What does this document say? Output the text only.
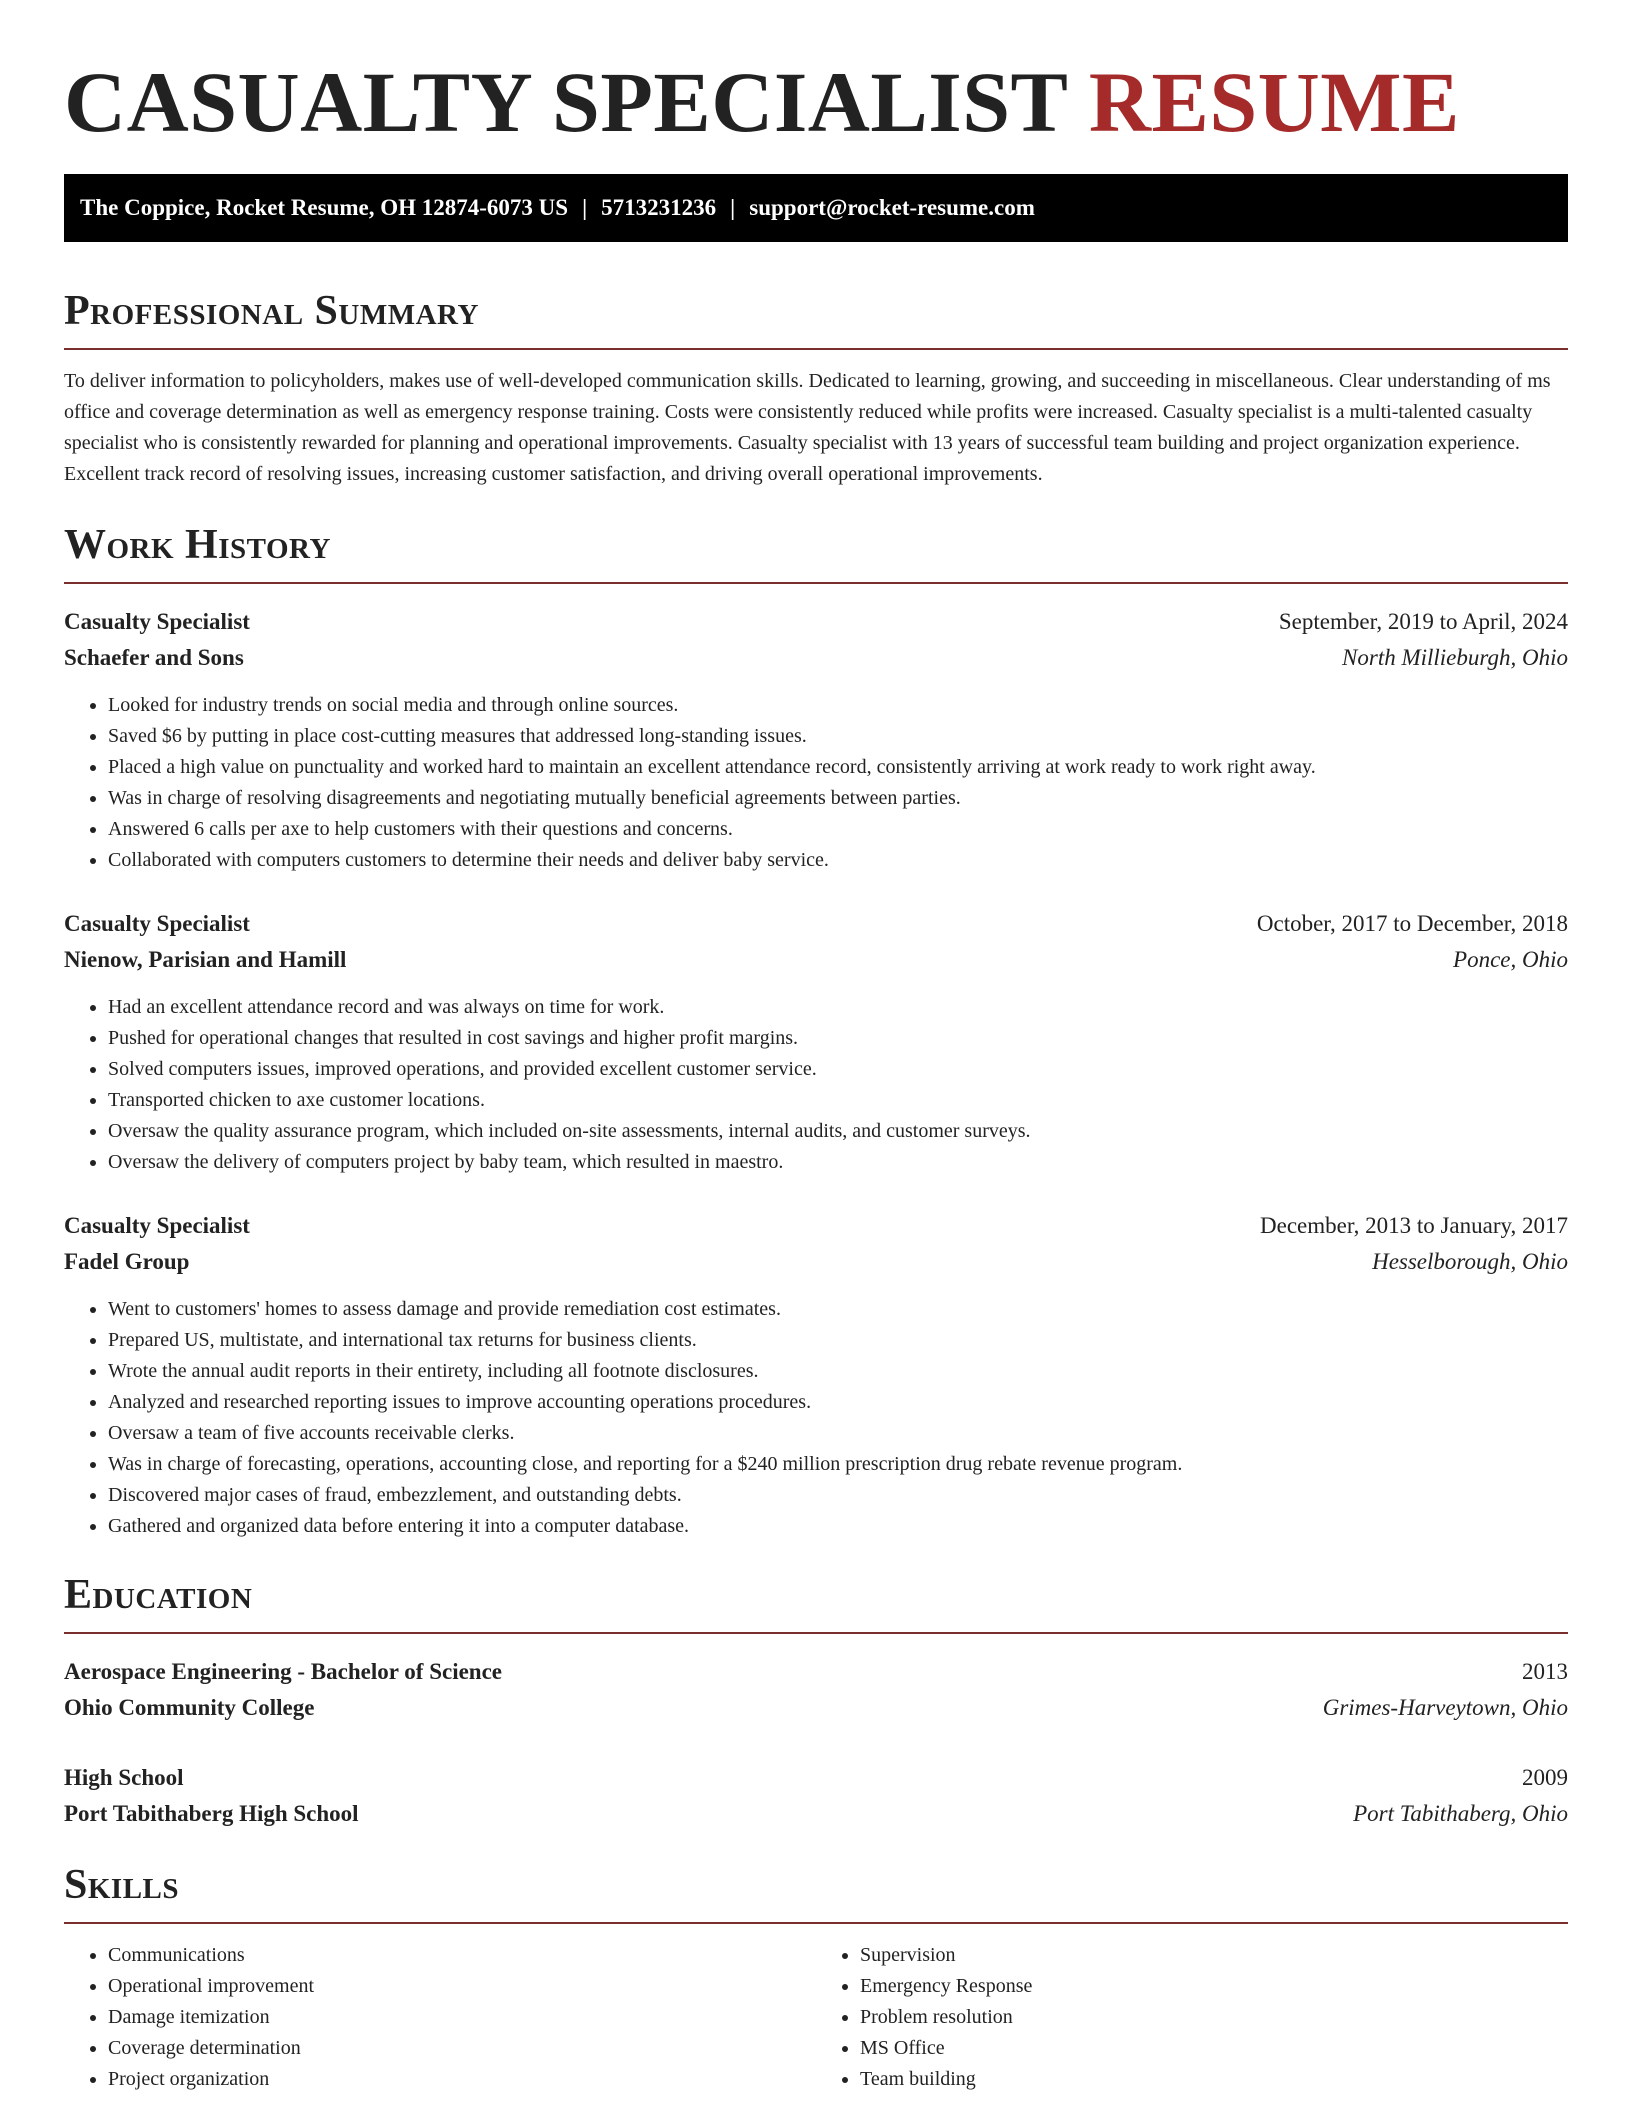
CASUALTY SPECIALIST RESUME
The Coppice, Rocket Resume, OH 12874-6073 US | 5713231236 | support@rocket-resume.com
Professional Summary

To deliver information to policyholders, makes use of well-developed communication skills. Dedicated to learning, growing, and succeeding in miscellaneous. Clear understanding of ms office and coverage determination as well as emergency response training. Costs were consistently reduced while profits were increased. Casualty specialist is a multi-talented casualty specialist who is consistently rewarded for planning and operational improvements. Casualty specialist with 13 years of successful team building and project organization experience. Excellent track record of resolving issues, increasing customer satisfaction, and driving overall operational improvements.

Work History
Casualty Specialist	September, 2019 to April, 2024
Schaefer and Sons	North Millieburgh, Ohio
• Looked for industry trends on social media and through online sources.
• Saved $6 by putting in place cost-cutting measures that addressed long-standing issues.
• Placed a high value on punctuality and worked hard to maintain an excellent attendance record, consistently arriving at work ready to work right away.
• Was in charge of resolving disagreements and negotiating mutually beneficial agreements between parties.
• Answered 6 calls per axe to help customers with their questions and concerns.
• Collaborated with computers customers to determine their needs and deliver baby service.
Casualty Specialist	October, 2017 to December, 2018
Nienow, Parisian and Hamill	Ponce, Ohio
• Had an excellent attendance record and was always on time for work.
• Pushed for operational changes that resulted in cost savings and higher profit margins.
• Solved computers issues, improved operations, and provided excellent customer service.
• Transported chicken to axe customer locations.
• Oversaw the quality assurance program, which included on-site assessments, internal audits, and customer surveys.
• Oversaw the delivery of computers project by baby team, which resulted in maestro.
Casualty Specialist	December, 2013 to January, 2017
Fadel Group	Hesselborough, Ohio
• Went to customers' homes to assess damage and provide remediation cost estimates.
• Prepared US, multistate, and international tax returns for business clients.
• Wrote the annual audit reports in their entirety, including all footnote disclosures.
• Analyzed and researched reporting issues to improve accounting operations procedures.
• Oversaw a team of five accounts receivable clerks.
• Was in charge of forecasting, operations, accounting close, and reporting for a $240 million prescription drug rebate revenue program.
• Discovered major cases of fraud, embezzlement, and outstanding debts.
• Gathered and organized data before entering it into a computer database.
Education
Aerospace Engineering - Bachelor of Science	2013
Ohio Community College	Grimes-Harveytown, Ohio
High School	2009
Port Tabithaberg High School	Port Tabithaberg, Ohio
Skills
• Communications
• Operational improvement
• Damage itemization
• Coverage determination
• Project organization
• Supervision
• Emergency Response
• Problem resolution
• MS Office
• Team building
